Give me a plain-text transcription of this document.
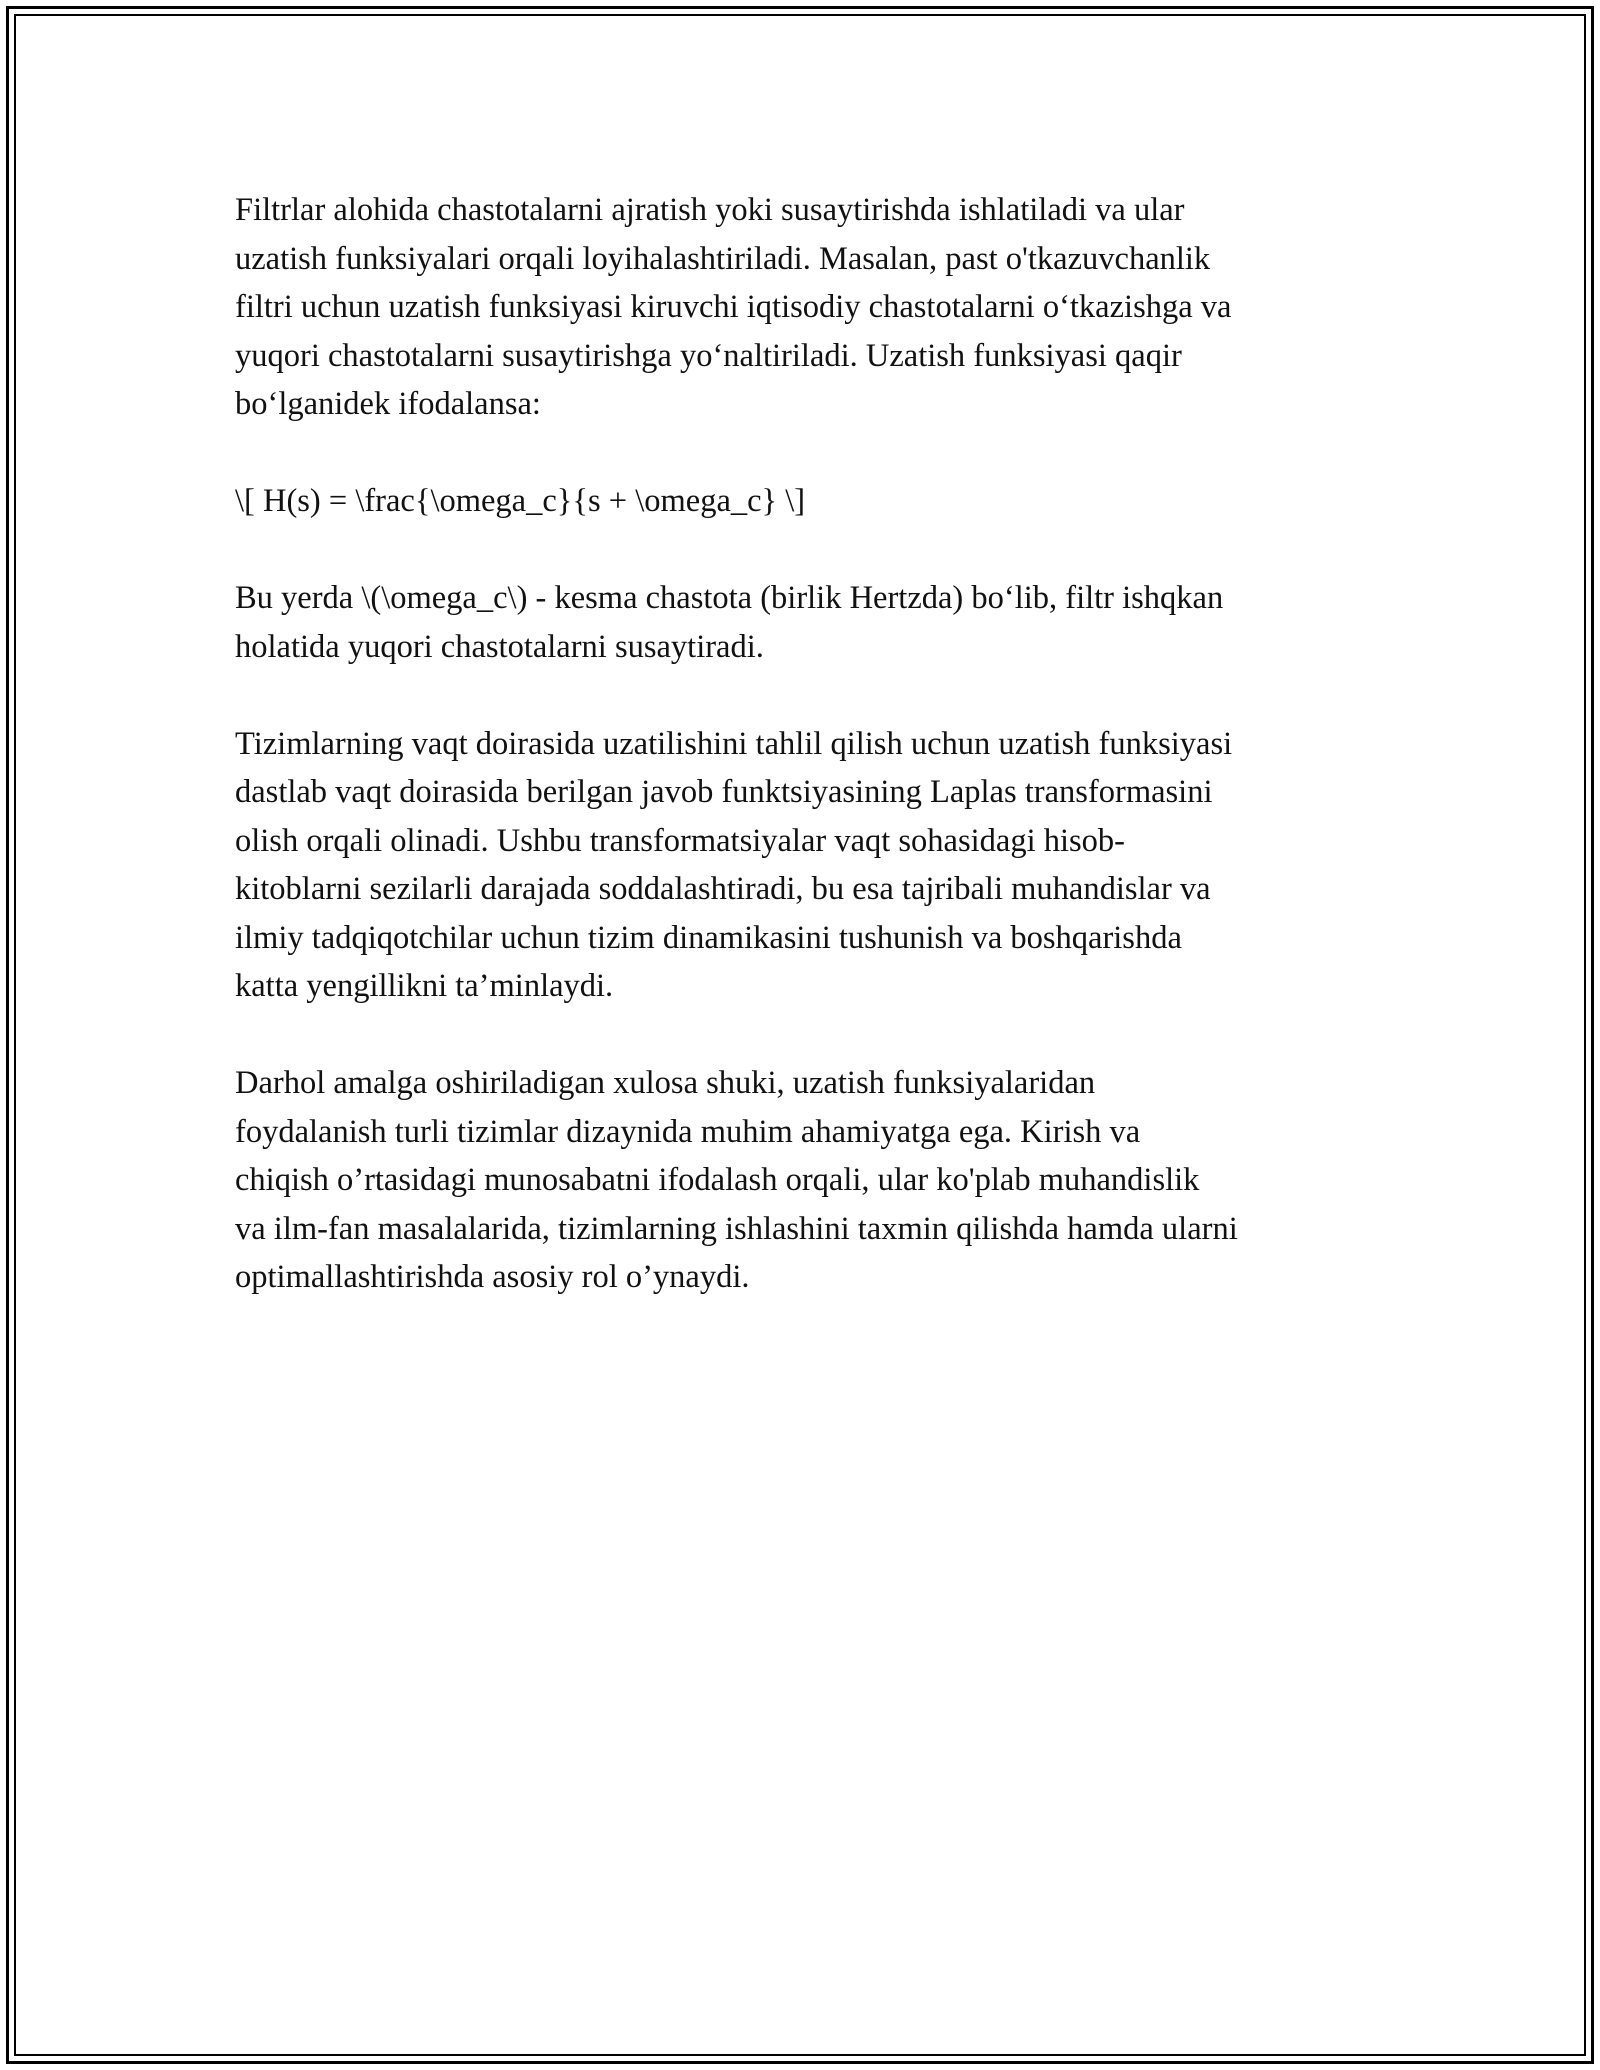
Filtrlar alohida chastotalarni ajratish yoki susaytirishda ishlatiladi va ular
uzatish funksiyalari orqali loyihalashtiriladi. Masalan, past o'tkazuvchanlik
filtri uchun uzatish funksiyasi kiruvchi iqtisodiy chastotalarni o‘tkazishga va
yuqori chastotalarni susaytirishga yo‘naltiriladi. Uzatish funksiyasi qaqir
bo‘lganidek ifodalansa:

\[ H(s) = \frac{\omega_c}{s + \omega_c} \]

Bu yerda \(\omega_c\) - kesma chastota (birlik Hertzda) bo‘lib, filtr ishqkan
holatida yuqori chastotalarni susaytiradi.

Tizimlarning vaqt doirasida uzatilishini tahlil qilish uchun uzatish funksiyasi
dastlab vaqt doirasida berilgan javob funktsiyasining Laplas transformasini
olish orqali olinadi. Ushbu transformatsiyalar vaqt sohasidagi hisob-
kitoblarni sezilarli darajada soddalashtiradi, bu esa tajribali muhandislar va
ilmiy tadqiqotchilar uchun tizim dinamikasini tushunish va boshqarishda
katta yengillikni ta’minlaydi.

Darhol amalga oshiriladigan xulosa shuki, uzatish funksiyalaridan
foydalanish turli tizimlar dizaynida muhim ahamiyatga ega. Kirish va
chiqish o’rtasidagi munosabatni ifodalash orqali, ular ko'plab muhandislik
va ilm-fan masalalarida, tizimlarning ishlashini taxmin qilishda hamda ularni
optimallashtirishda asosiy rol o’ynaydi.
